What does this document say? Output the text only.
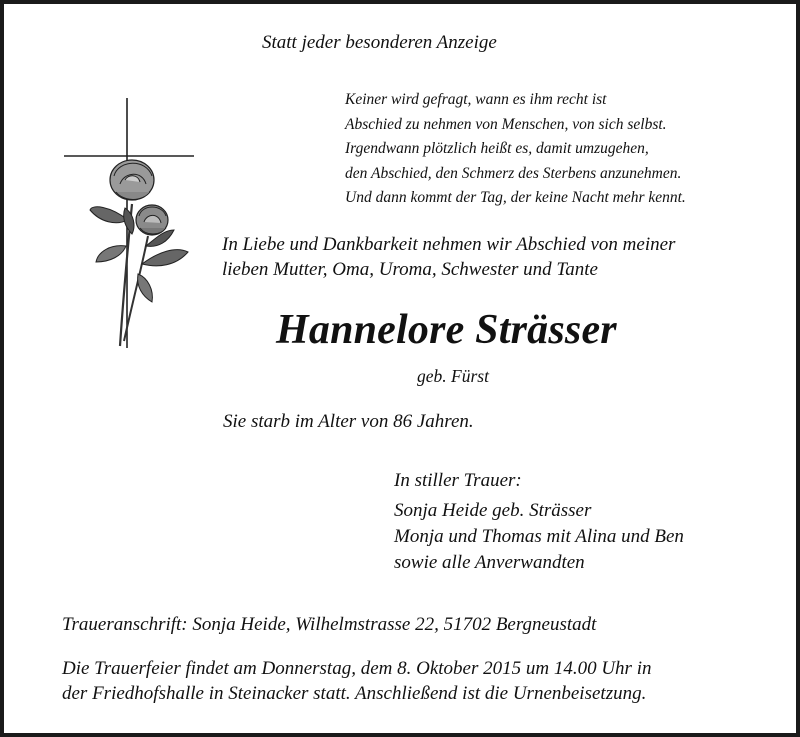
Statt jeder besonderen Anzeige

Keiner wird gefragt, wann es ihm recht ist
Abschied zu nehmen von Menschen, von sich selbst.
Irgendwann plötzlich heißt es, damit umzugehen,
den Abschied, den Schmerz des Sterbens anzunehmen.
Und dann kommt der Tag, der keine Nacht mehr kennt.
In Liebe und Dankbarkeit nehmen wir Abschied von meiner
lieben Mutter, Oma, Uroma, Schwester und Tante

Hannelore Strässer

geb. Fürst

Sie starb im Alter von 86 Jahren.

In stiller Trauer:
Sonja Heide geb. Strässer
Monja und Thomas mit Alina und Ben
sowie alle Anverwandten

Traueranschrift: Sonja Heide, Wilhelmstrasse 22, 51702 Bergneustadt

Die Trauerfeier findet am Donnerstag, dem 8. Oktober 2015 um 14.00 Uhr in
der Friedhofshalle in Steinacker statt. Anschließend ist die Urnenbeisetzung.
